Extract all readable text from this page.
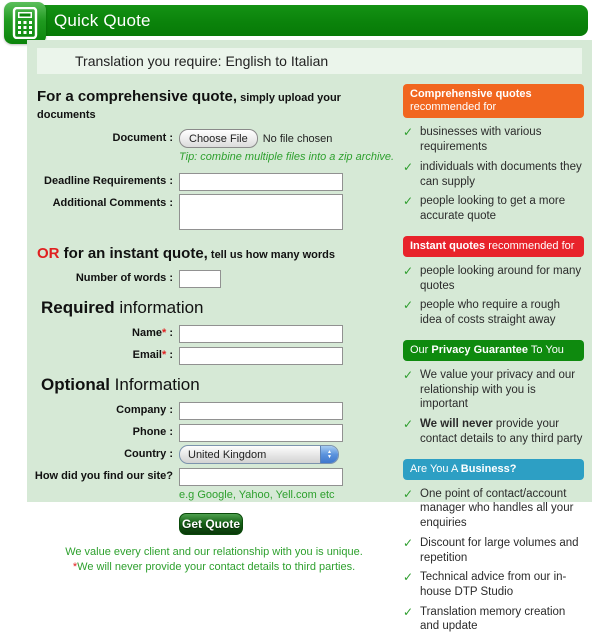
Quick Quote
Translation you require: English to Italian
For a comprehensive quote, simply upload your documents
Document :	Choose File	No file chosen
Tip: combine multiple files into a zip archive.
Deadline Requirements :
Additional Comments :
OR for an instant quote, tell us how many words
Number of words :
Required information
Name* :
Email* :
Optional Information
Company :
Phone :
Country :	United Kingdom	▲
▼
How did you find our site?
e.g Google, Yahoo, Yell.com etc
Get Quote
We value every client and our relationship with you is unique.
*We will never provide your contact details to third parties.
Comprehensive quotes recommended for
✓ businesses with various requirements
✓ individuals with documents they can supply
✓ people looking to get a more accurate quote
Instant quotes recommended for
✓ people looking around for many quotes
✓ people who require a rough idea of costs straight away
Our Privacy Guarantee To You
✓ We value your privacy and our relationship with you is important
✓ We will never provide your contact details to any third party
Are You A Business?
✓ One point of contact/account manager who handles all your enquiries
✓ Discount for large volumes and repetition
✓ Technical advice from our in-house DTP Studio
✓ Translation memory creation and update
